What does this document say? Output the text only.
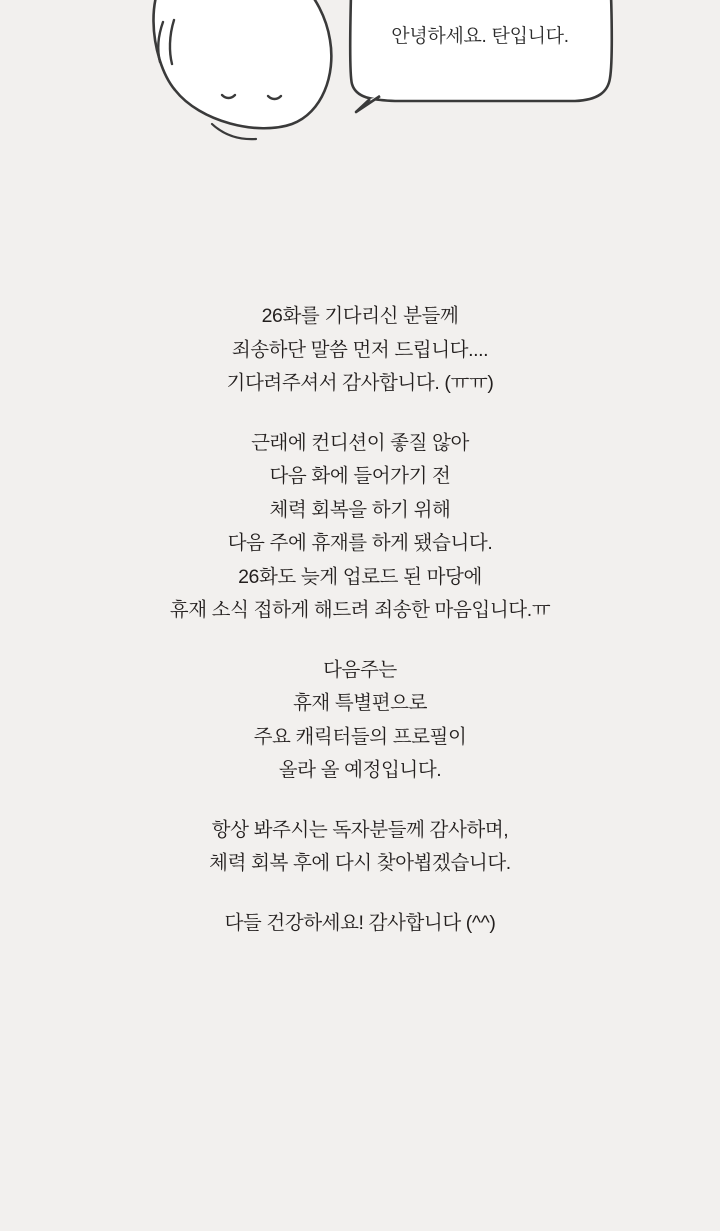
안녕하세요. 탄입니다.
26화를 기다리신 분들께
죄송하단 말씀 먼저 드립니다....
기다려주셔서 감사합니다. (ㅠㅠ)
근래에 컨디션이 좋질 않아
다음 화에 들어가기 전
체력 회복을 하기 위해
다음 주에 휴재를 하게 됐습니다.
26화도 늦게 업로드 된 마당에
휴재 소식 접하게 해드려 죄송한 마음입니다.ㅠ
다음주는
휴재 특별편으로
주요 캐릭터들의 프로필이
올라 올 예정입니다.
항상 봐주시는 독자분들께 감사하며,
체력 회복 후에 다시 찾아뵙겠습니다.
다들 건강하세요! 감사합니다 (^^)
